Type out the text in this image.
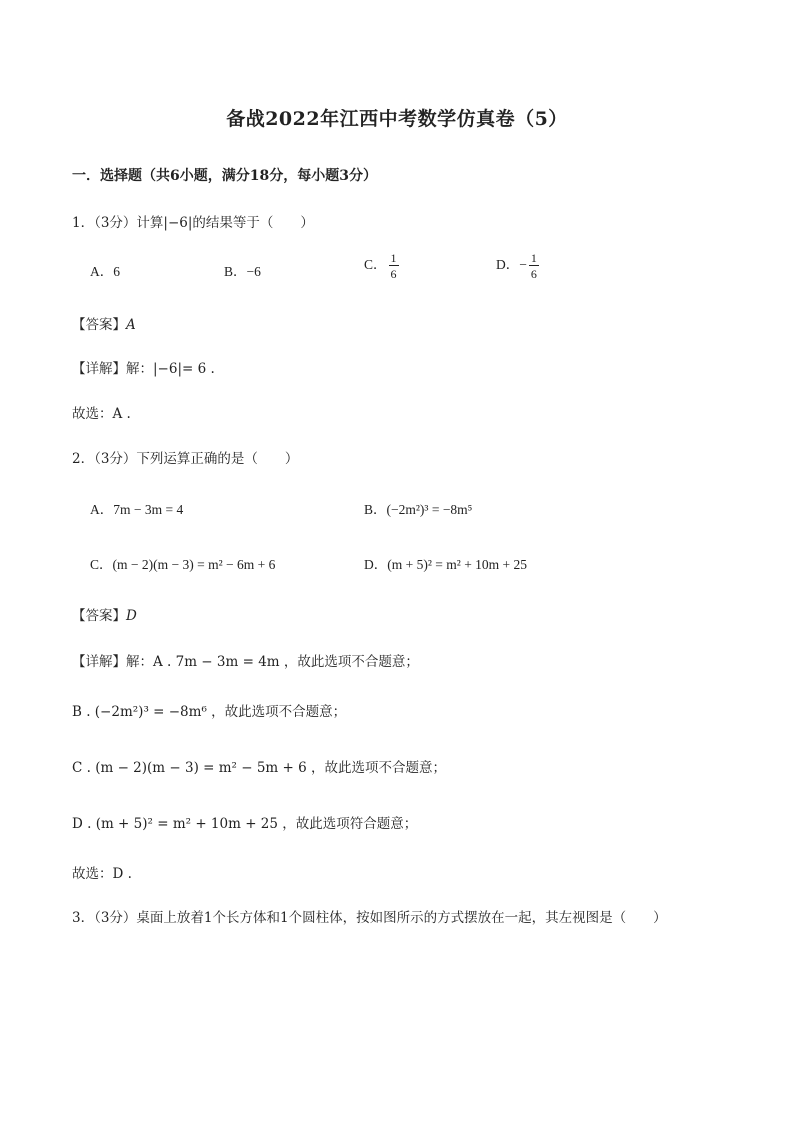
备战2022年江西中考数学仿真卷（5）
一．选择题（共6小题，满分18分，每小题3分）
1．（3分）计算|−6|的结果等于（　　）
A．6	B．−6	C． $\frac{1}{6}$	D．− $\frac{1}{6}$
【答案】A
【详解】解：|−6|= 6 .
故选：A .
2．（3分）下列运算正确的是（　　）
A．7m − 3m = 4	B．(−2m²)³ = −8m⁵
C．(m − 2)(m − 3) = m² − 6m + 6	D．(m + 5)² = m² + 10m + 25
【答案】D
【详解】解：A . 7m − 3m = 4m ，故此选项不合题意；
B . (−2m²)³ = −8m⁶ ，故此选项不合题意；
C . (m − 2)(m − 3) = m² − 5m + 6 ，故此选项不合题意；
D . (m + 5)² = m² + 10m + 25 ，故此选项符合题意；
故选：D .
3．（3分）桌面上放着1个长方体和1个圆柱体，按如图所示的方式摆放在一起，其左视图是（　　）
